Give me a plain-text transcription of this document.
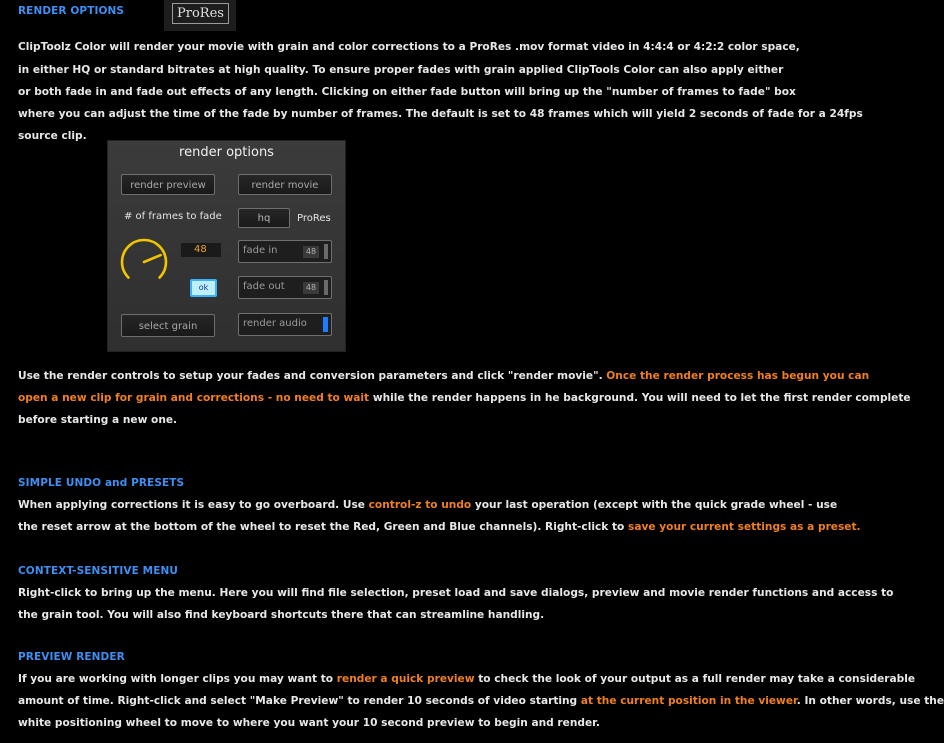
RENDER OPTIONS	ProRes
ClipToolz Color will render your movie with grain and color corrections to a ProRes .mov format video in 4:4:4 or 4:2:2 color space,
in either HQ or standard bitrates at high quality. To ensure proper fades with grain applied ClipTools Color can also apply either
or both fade in and fade out effects of any length. Clicking on either fade button will bring up the "number of frames to fade" box
where you can adjust the time of the fade by number of frames. The default is set to 48 frames which will yield 2 seconds of fade for a 24fps
source clip.
render options
render preview	render movie
# of frames to fade	hq	ProRes
48
ok
fade in	48
fade out	48
select grain	render audio
Use the render controls to setup your fades and conversion parameters and click "render movie". Once the render process has begun you can
open a new clip for grain and corrections - no need to wait while the render happens in he background. You will need to let the first render complete
before starting a new one.
SIMPLE UNDO and PRESETS
When applying corrections it is easy to go overboard. Use control-z to undo your last operation (except with the quick grade wheel - use
the reset arrow at the bottom of the wheel to reset the Red, Green and Blue channels). Right-click to save your current settings as a preset.
CONTEXT-SENSITIVE MENU
Right-click to bring up the menu. Here you will find file selection, preset load and save dialogs, preview and movie render functions and access to
the grain tool. You will also find keyboard shortcuts there that can streamline handling.
PREVIEW RENDER
If you are working with longer clips you may want to render a quick preview to check the look of your output as a full render may take a considerable
amount of time. Right-click and select "Make Preview" to render 10 seconds of video starting at the current position in the viewer. In other words, use the
white positioning wheel to move to where you want your 10 second preview to begin and render.
